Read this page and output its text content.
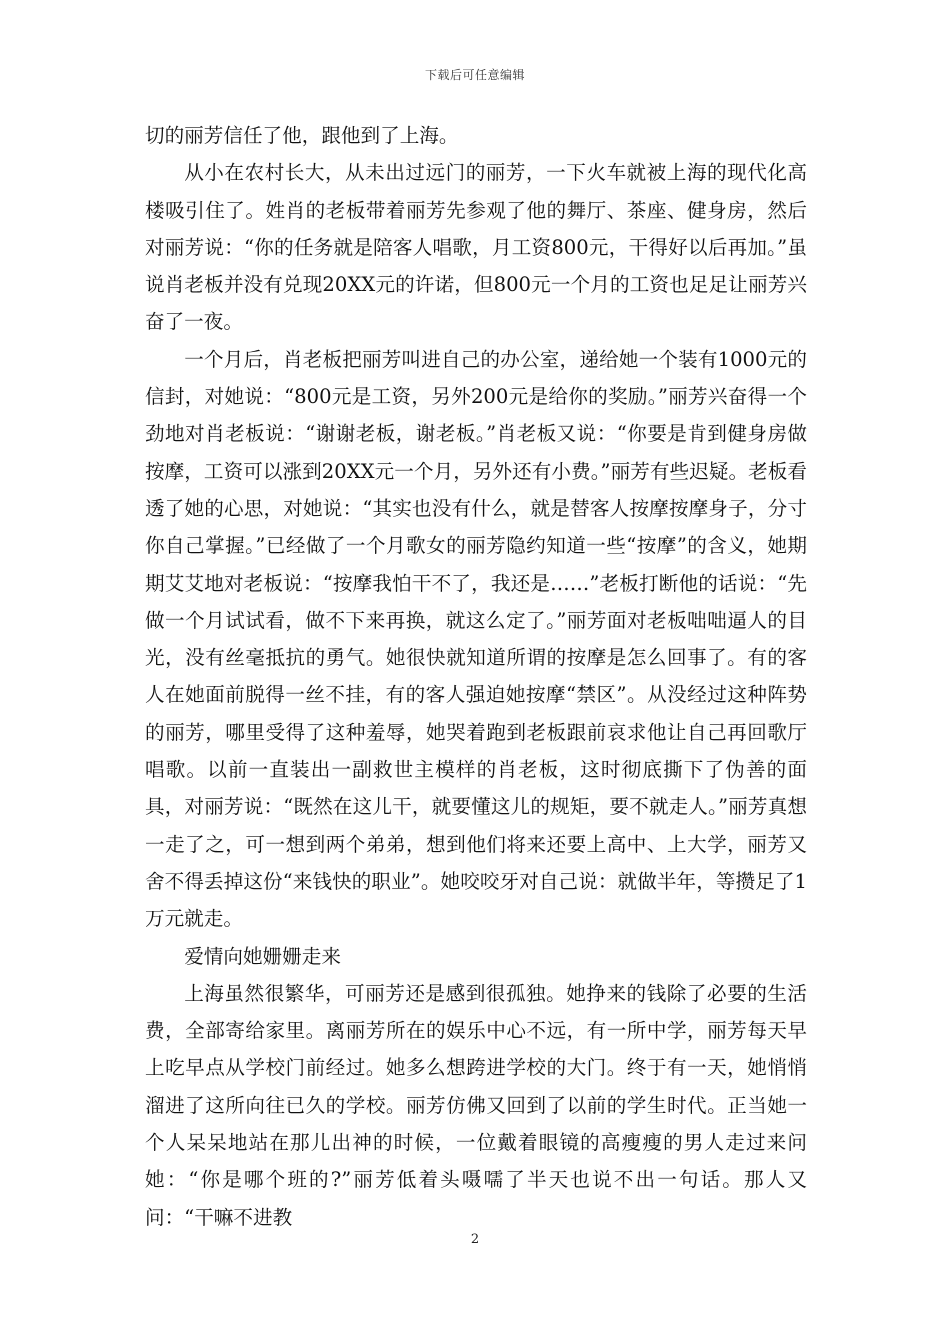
下载后可任意编辑

切的丽芳信任了他，跟他到了上海。

从小在农村长大，从未出过远门的丽芳，一下火车就被上海的现代化高楼吸引住了。姓肖的老板带着丽芳先参观了他的舞厅、茶座、健身房，然后对丽芳说：“你的任务就是陪客人唱歌，月工资800元，干得好以后再加。”虽说肖老板并没有兑现20XX元的许诺，但800元一个月的工资也足足让丽芳兴奋了一夜。

一个月后，肖老板把丽芳叫进自己的办公室，递给她一个装有1000元的信封，对她说：“800元是工资，另外200元是给你的奖励。”丽芳兴奋得一个劲地对肖老板说：“谢谢老板，谢老板。”肖老板又说：“你要是肯到健身房做按摩，工资可以涨到20XX元一个月，另外还有小费。”丽芳有些迟疑。老板看透了她的心思，对她说：“其实也没有什么，就是替客人按摩按摩身子，分寸你自己掌握。”已经做了一个月歌女的丽芳隐约知道一些“按摩”的含义，她期期艾艾地对老板说：“按摩我怕干不了，我还是……”老板打断他的话说：“先做一个月试试看，做不下来再换，就这么定了。”丽芳面对老板咄咄逼人的目光，没有丝毫抵抗的勇气。她很快就知道所谓的按摩是怎么回事了。有的客人在她面前脱得一丝不挂，有的客人强迫她按摩“禁区”。从没经过这种阵势的丽芳，哪里受得了这种羞辱，她哭着跑到老板跟前哀求他让自己再回歌厅唱歌。以前一直装出一副救世主模样的肖老板，这时彻底撕下了伪善的面具，对丽芳说：“既然在这儿干，就要懂这儿的规矩，要不就走人。”丽芳真想一走了之，可一想到两个弟弟，想到他们将来还要上高中、上大学，丽芳又舍不得丢掉这份“来钱快的职业”。她咬咬牙对自己说：就做半年，等攒足了1万元就走。

爱情向她姗姗走来

上海虽然很繁华，可丽芳还是感到很孤独。她挣来的钱除了必要的生活费，全部寄给家里。离丽芳所在的娱乐中心不远，有一所中学，丽芳每天早上吃早点从学校门前经过。她多么想跨进学校的大门。终于有一天，她悄悄溜进了这所向往已久的学校。丽芳仿佛又回到了以前的学生时代。正当她一个人呆呆地站在那儿出神的时候，一位戴着眼镜的高瘦瘦的男人走过来问她：“你是哪个班的?”丽芳低着头嗫嚅了半天也说不出一句话。那人又问：“干嘛不进教

2
